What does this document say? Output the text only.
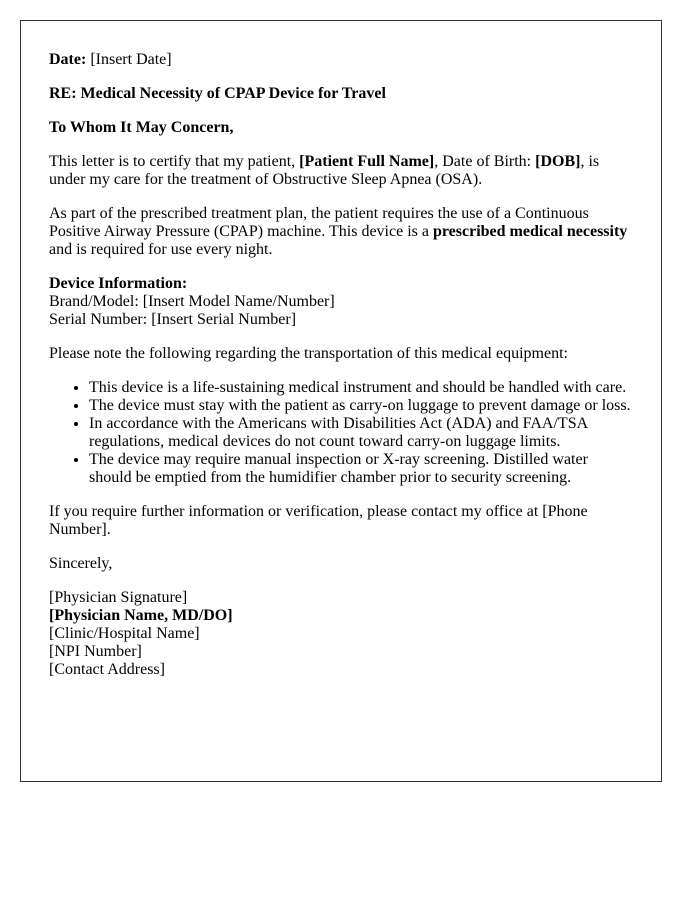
Date: [Insert Date]

RE: Medical Necessity of CPAP Device for Travel

To Whom It May Concern,

This letter is to certify that my patient, [Patient Full Name], Date of Birth: [DOB], is under my care for the treatment of Obstructive Sleep Apnea (OSA).

As part of the prescribed treatment plan, the patient requires the use of a Continuous Positive Airway Pressure (CPAP) machine. This device is a prescribed medical necessity and is required for use every night.

Device Information:
Brand/Model: [Insert Model Name/Number]
Serial Number: [Insert Serial Number]

Please note the following regarding the transportation of this medical equipment:

• This device is a life-sustaining medical instrument and should be handled with care.
• The device must stay with the patient as carry-on luggage to prevent damage or loss.
• In accordance with the Americans with Disabilities Act (ADA) and FAA/TSA regulations, medical devices do not count toward carry-on luggage limits.
• The device may require manual inspection or X-ray screening. Distilled water should be emptied from the humidifier chamber prior to security screening.

If you require further information or verification, please contact my office at [Phone Number].

Sincerely,

[Physician Signature]
[Physician Name, MD/DO]
[Clinic/Hospital Name]
[NPI Number]
[Contact Address]
